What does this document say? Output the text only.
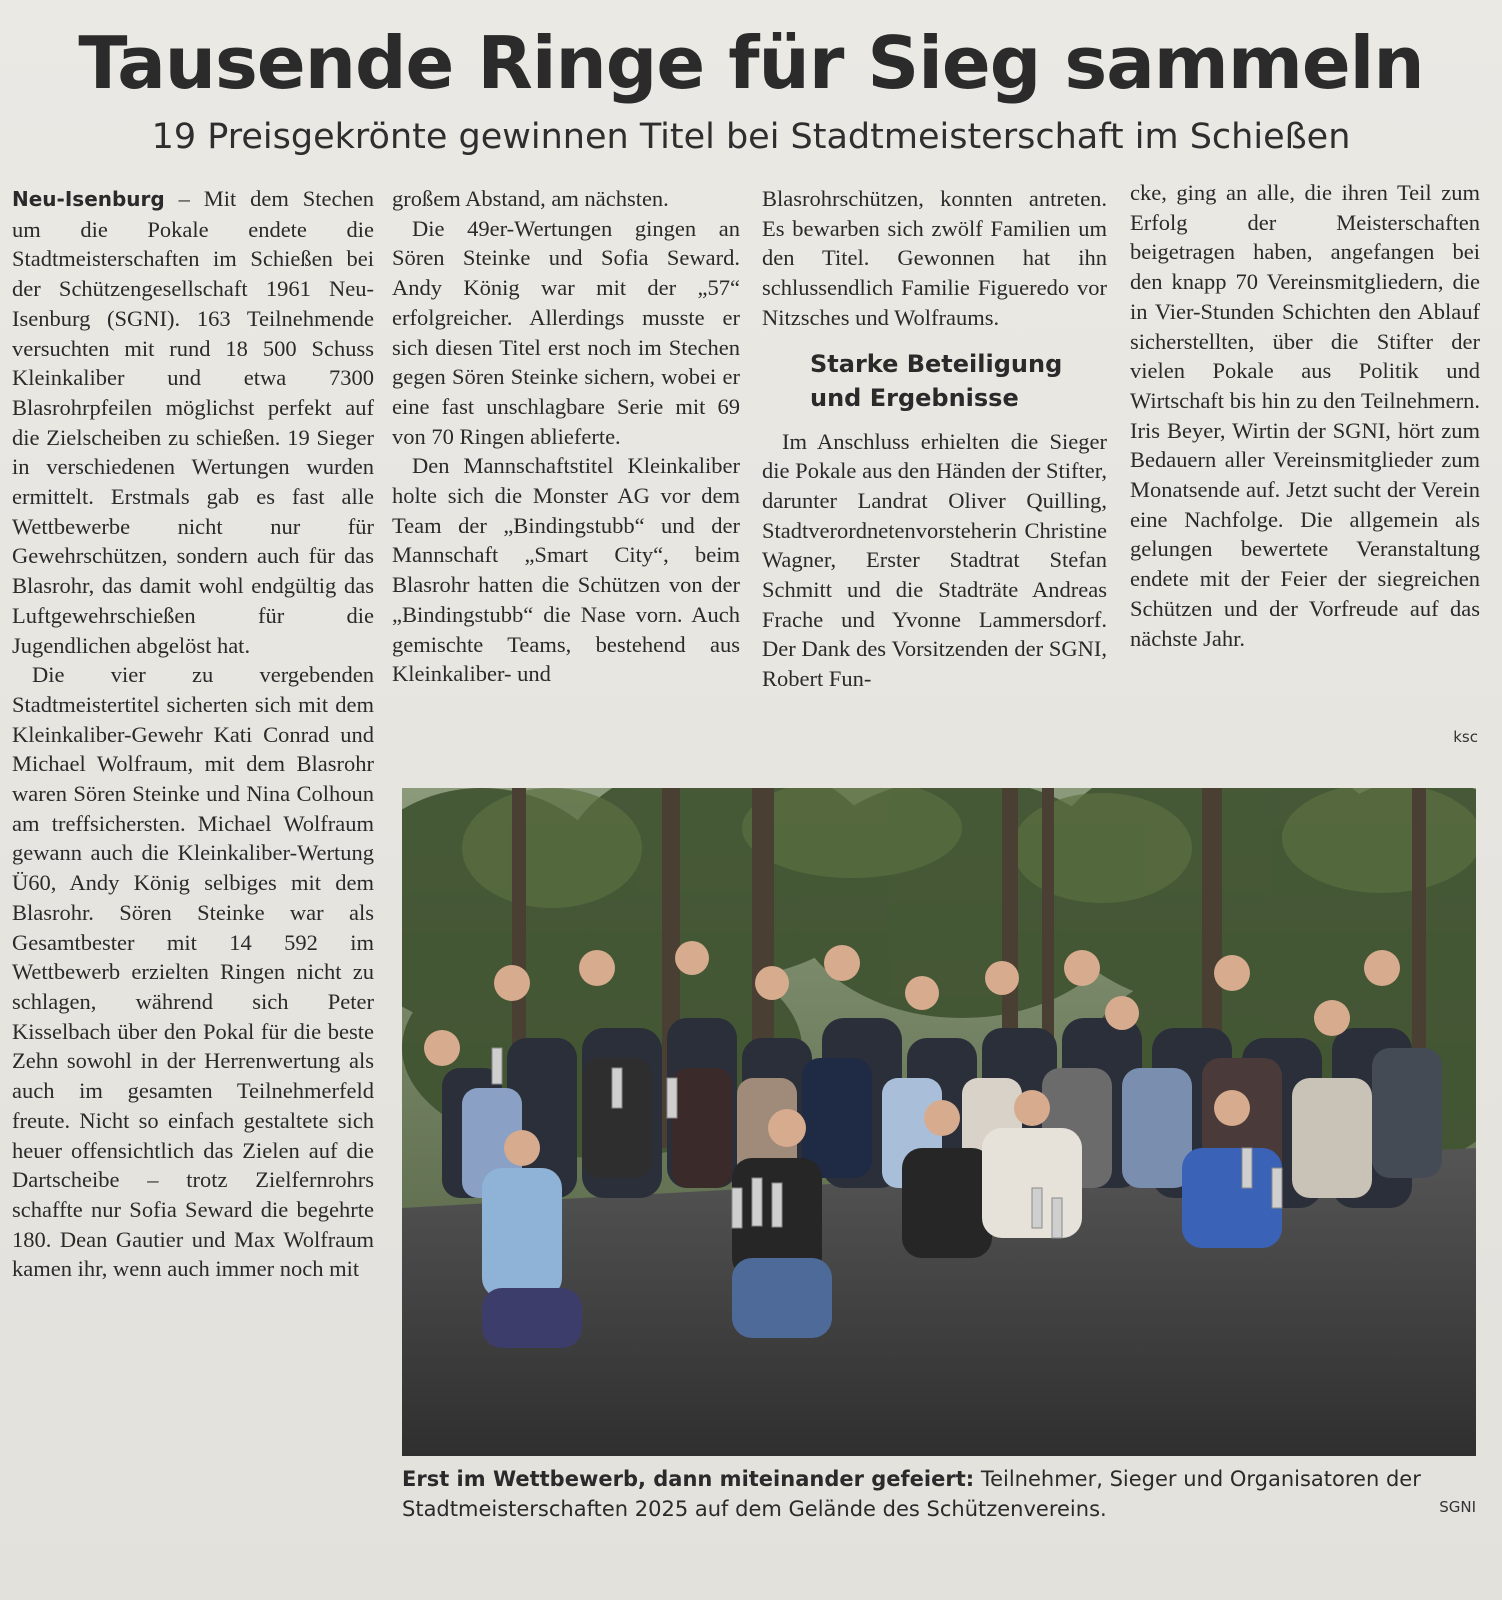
Tausende Ringe für Sieg sammeln
19 Preisgekrönte gewinnen Titel bei Stadtmeisterschaft im Schießen

Neu-Isenburg – Mit dem Stechen um die Pokale endete die Stadtmeisterschaften im Schießen bei der Schützengesellschaft 1961 Neu-Isenburg (SGNI). 163 Teilnehmende versuchten mit rund 18 500 Schuss Kleinkaliber und etwa 7300 Blasrohrpfeilen möglichst perfekt auf die Zielscheiben zu schießen. 19 Sieger in verschiedenen Wertungen wurden ermittelt. Erstmals gab es fast alle Wettbewerbe nicht nur für Gewehrschützen, sondern auch für das Blasrohr, das damit wohl endgültig das Luftgewehrschießen für die Jugendlichen abgelöst hat.

Die vier zu vergebenden Stadtmeistertitel sicherten sich mit dem Kleinkaliber-Gewehr Kati Conrad und Michael Wolfraum, mit dem Blasrohr waren Sören Steinke und Nina Colhoun am treffsichersten. Michael Wolfraum gewann auch die Kleinkaliber-Wertung Ü60, Andy König selbiges mit dem Blasrohr. Sören Steinke war als Gesamtbester mit 14 592 im Wettbewerb erzielten Ringen nicht zu schlagen, während sich Peter Kisselbach über den Pokal für die beste Zehn sowohl in der Herrenwertung als auch im gesamten Teilnehmerfeld freute. Nicht so einfach gestaltete sich heuer offensichtlich das Zielen auf die Dartscheibe – trotz Zielfernrohrs schaffte nur Sofia Seward die begehrte 180. Dean Gautier und Max Wolfraum kamen ihr, wenn auch immer noch mit

großem Abstand, am nächsten.

Die 49er-Wertungen gingen an Sören Steinke und Sofia Seward. Andy König war mit der „57“ erfolgreicher. Allerdings musste er sich diesen Titel erst noch im Stechen gegen Sören Steinke sichern, wobei er eine fast unschlagbare Serie mit 69 von 70 Ringen ablieferte.

Den Mannschaftstitel Kleinkaliber holte sich die Monster AG vor dem Team der „Bindingstubb“ und der Mannschaft „Smart City“, beim Blasrohr hatten die Schützen von der „Bindingstubb“ die Nase vorn. Auch gemischte Teams, bestehend aus Kleinkaliber- und

Blasrohrschützen, konnten antreten. Es bewarben sich zwölf Familien um den Titel. Gewonnen hat ihn schlussendlich Familie Figueredo vor Nitzsches und Wolfraums.

Starke Beteiligung und Ergebnisse

Im Anschluss erhielten die Sieger die Pokale aus den Händen der Stifter, darunter Landrat Oliver Quilling, Stadtverordnetenvorsteherin Christine Wagner, Erster Stadtrat Stefan Schmitt und die Stadträte Andreas Frache und Yvonne Lammersdorf. Der Dank des Vorsitzenden der SGNI, Robert Fun-

cke, ging an alle, die ihren Teil zum Erfolg der Meisterschaften beigetragen haben, angefangen bei den knapp 70 Vereinsmitgliedern, die in Vier-Stunden Schichten den Ablauf sicherstellten, über die Stifter der vielen Pokale aus Politik und Wirtschaft bis hin zu den Teilnehmern. Iris Beyer, Wirtin der SGNI, hört zum Bedauern aller Vereinsmitglieder zum Monatsende auf. Jetzt sucht der Verein eine Nachfolge. Die allgemein als gelungen bewertete Veranstaltung endete mit der Feier der siegreichen Schützen und der Vorfreude auf das nächste Jahr.

ksc
Erst im Wettbewerb, dann miteinander gefeiert: Teilnehmer, Sieger und Organisatoren der Stadtmeisterschaften 2025 auf dem Gelände des Schützenvereins.	SGNI
